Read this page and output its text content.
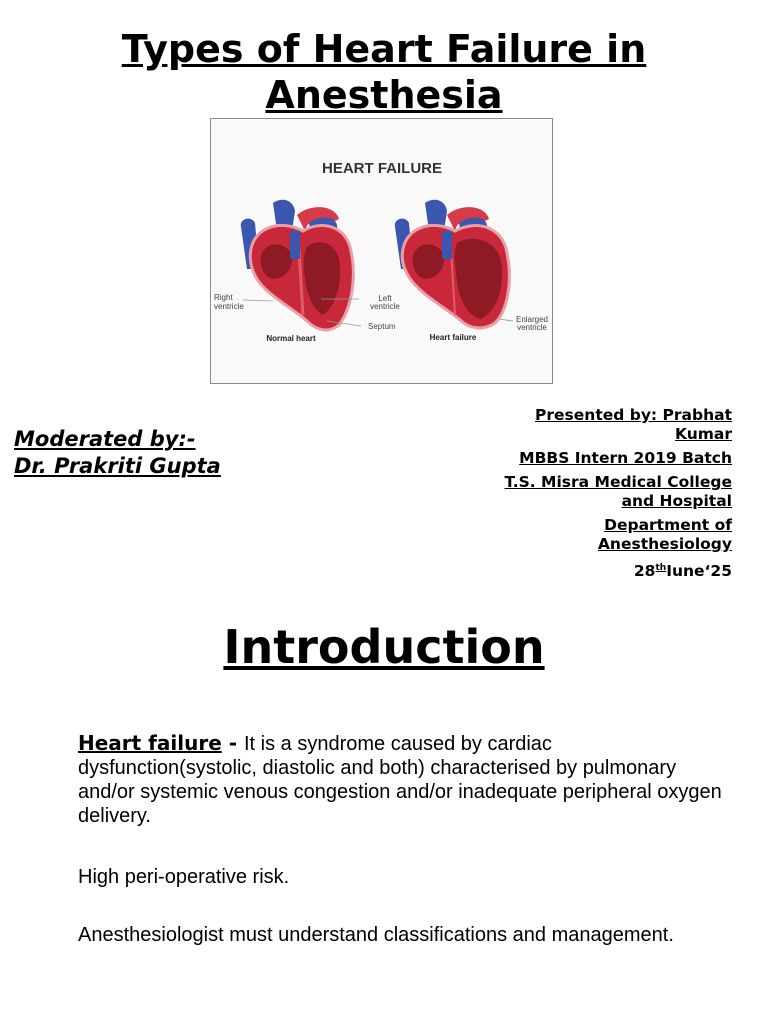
Types of Heart Failure in
Anesthesia
HEART FAILURE
Right
ventricle
Left
ventricle
Septum
Enlarged
ventricle
Normal heart	Heart failure
Moderated by:-
Dr. Prakriti Gupta
Presented by: Prabhat
Kumar
MBBS Intern 2019 Batch
T.S. Misra Medical College
and Hospital
Department of
Anesthesiology
28thIune‘25
Introduction
Heart failure - It is a syndrome caused by cardiac dysfunction(systolic, diastolic and both) characterised by pulmonary and/or systemic venous congestion and/or inadequate peripheral oxygen delivery.
High peri-operative risk.
Anesthesiologist must understand classifications and management.
